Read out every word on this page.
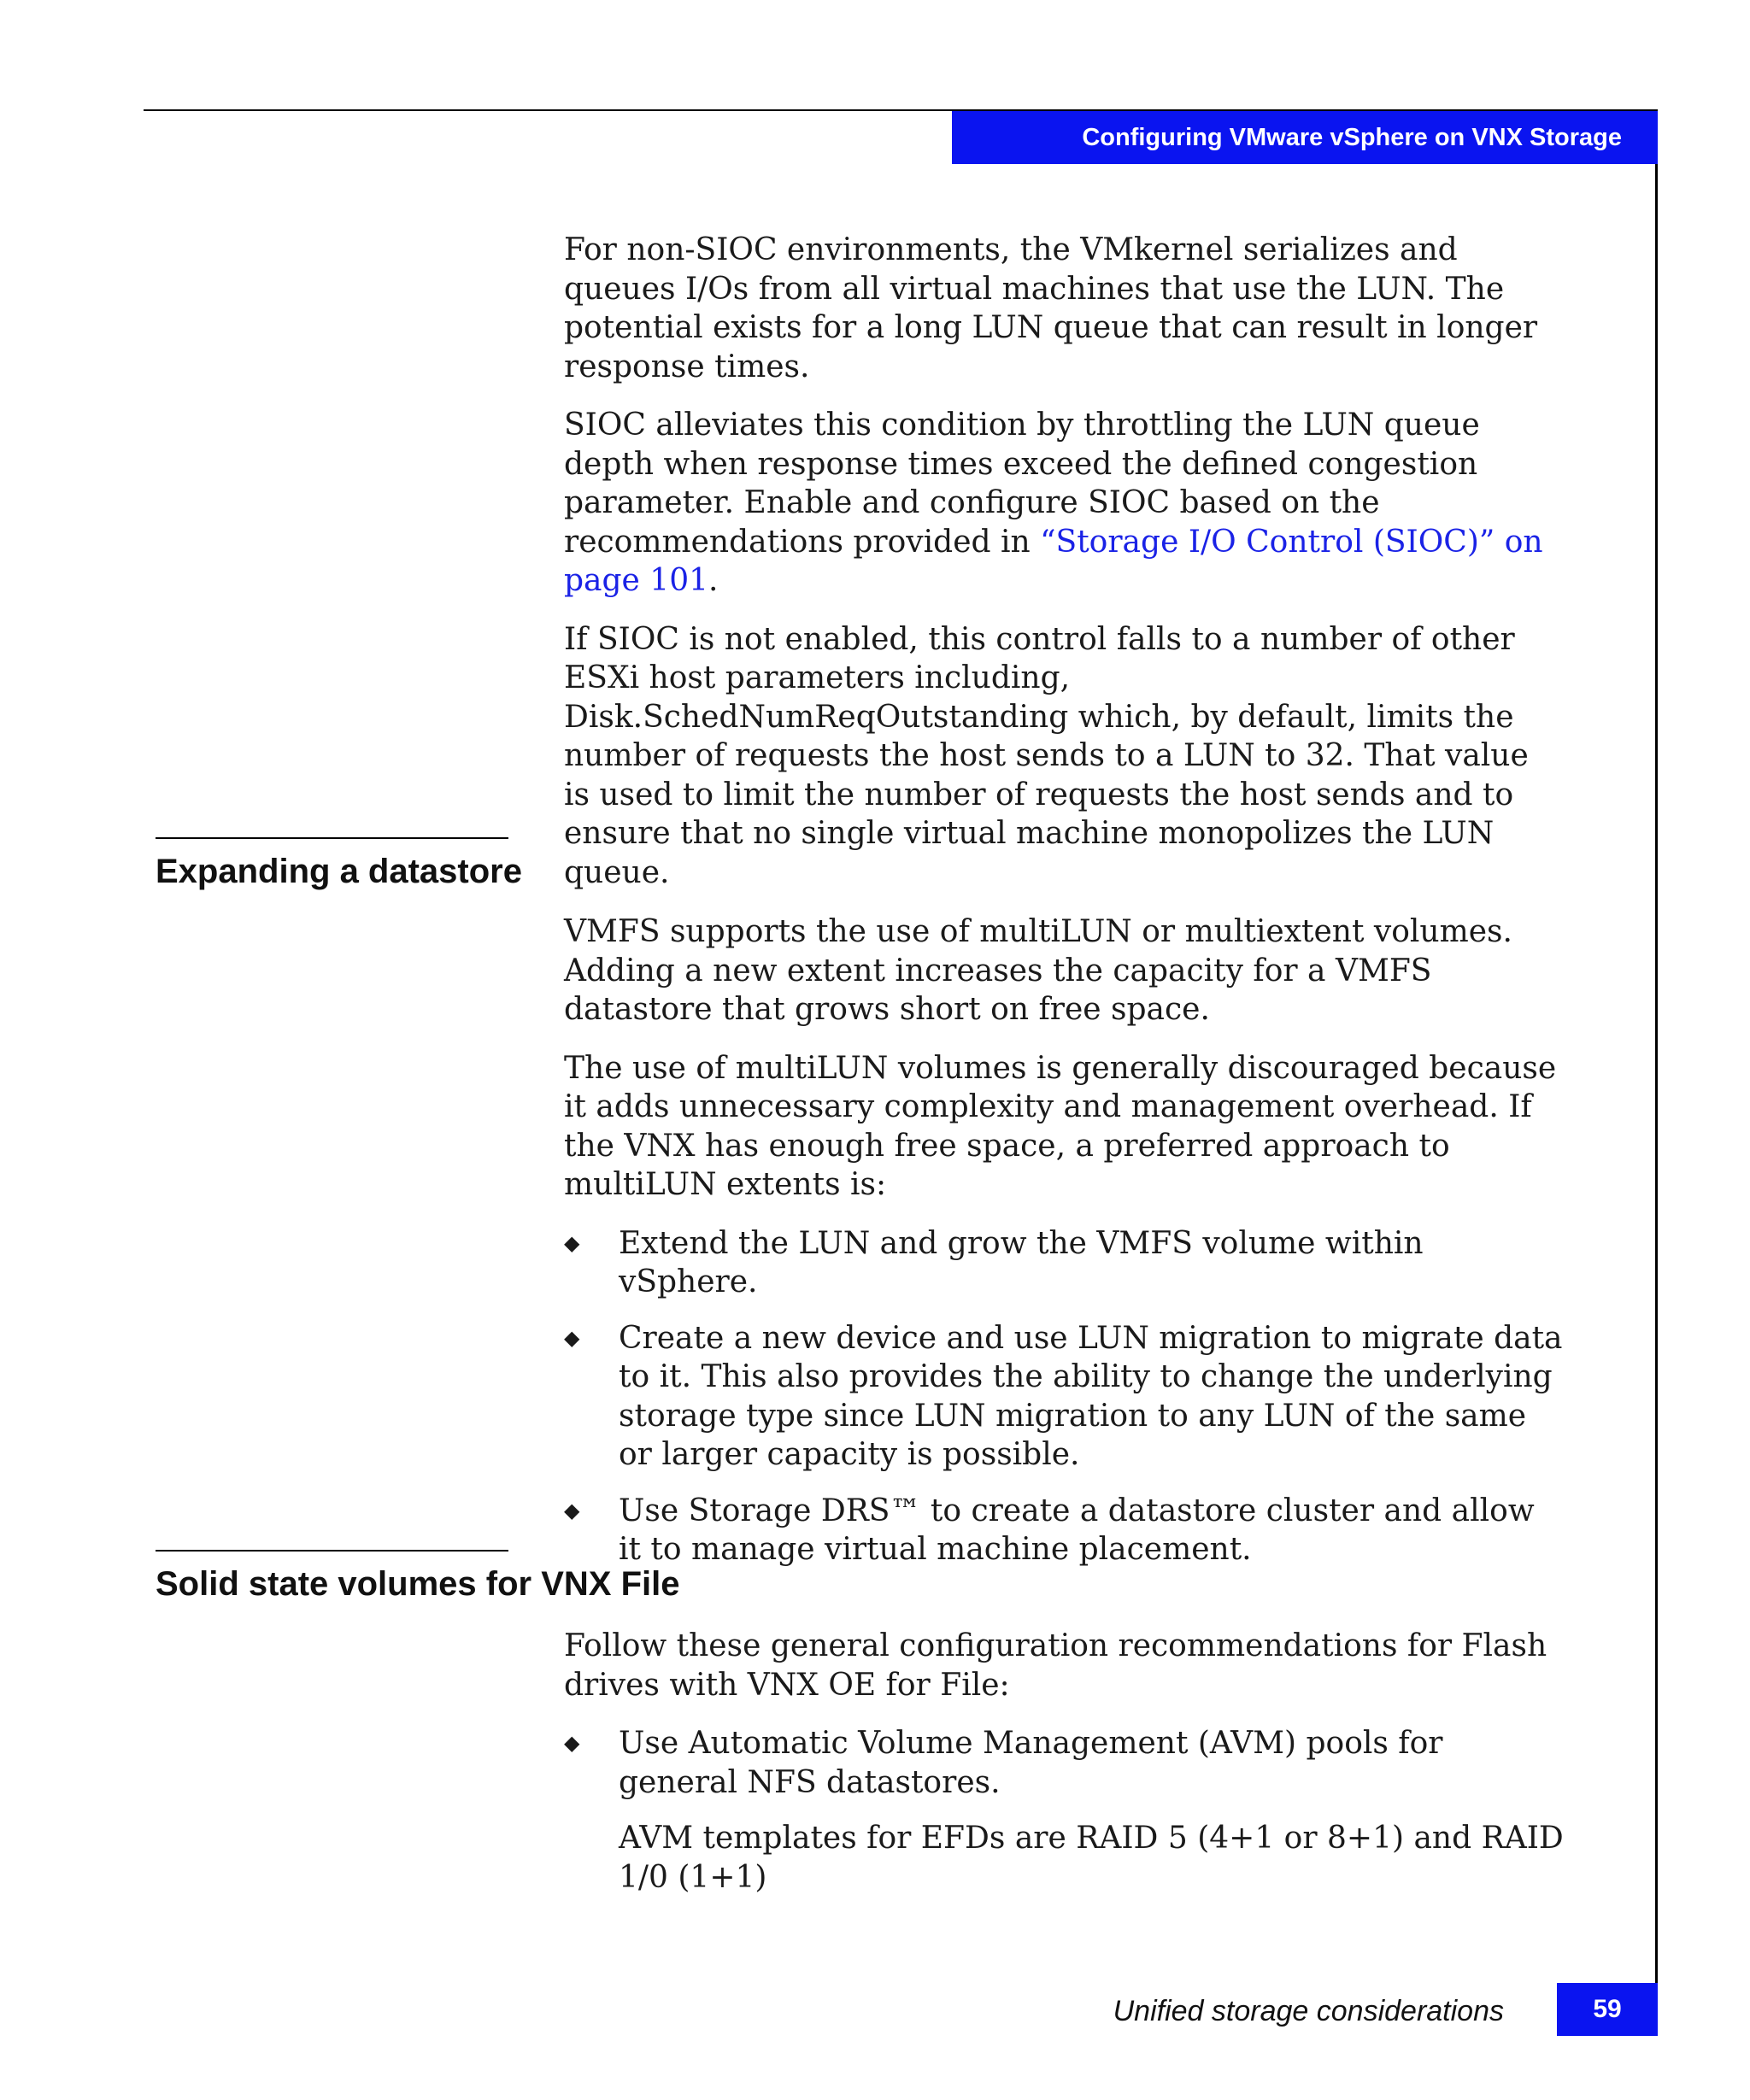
Configuring VMware vSphere on VNX Storage

For non-SIOC environments, the VMkernel serializes and queues I/Os from all virtual machines that use the LUN. The potential exists for a long LUN queue that can result in longer response times.

SIOC alleviates this condition by throttling the LUN queue depth when response times exceed the defined congestion parameter. Enable and configure SIOC based on the recommendations provided in “Storage I/O Control (SIOC)” on page 101.

If SIOC is not enabled, this control falls to a number of other ESXi host parameters including, Disk.SchedNumReqOutstanding which, by default, limits the number of requests the host sends to a LUN to 32. That value is used to limit the number of requests the host sends and to ensure that no single virtual machine monopolizes the LUN queue.

Expanding a datastore

VMFS supports the use of multiLUN or multiextent volumes. Adding a new extent increases the capacity for a VMFS datastore that grows short on free space.

The use of multiLUN volumes is generally discouraged because it adds unnecessary complexity and management overhead. If the VNX has enough free space, a preferred approach to multiLUN extents is:

◆ Extend the LUN and grow the VMFS volume within vSphere.
◆ Create a new device and use LUN migration to migrate data to it. This also provides the ability to change the underlying storage type since LUN migration to any LUN of the same or larger capacity is possible.
◆ Use Storage DRS™ to create a datastore cluster and allow it to manage virtual machine placement.
Solid state volumes for VNX File

Follow these general configuration recommendations for Flash drives with VNX OE for File:

◆ Use Automatic Volume Management (AVM) pools for general NFS datastores.

AVM templates for EFDs are RAID 5 (4+1 or 8+1) and RAID 1/0 (1+1)

Unified storage considerations	59
